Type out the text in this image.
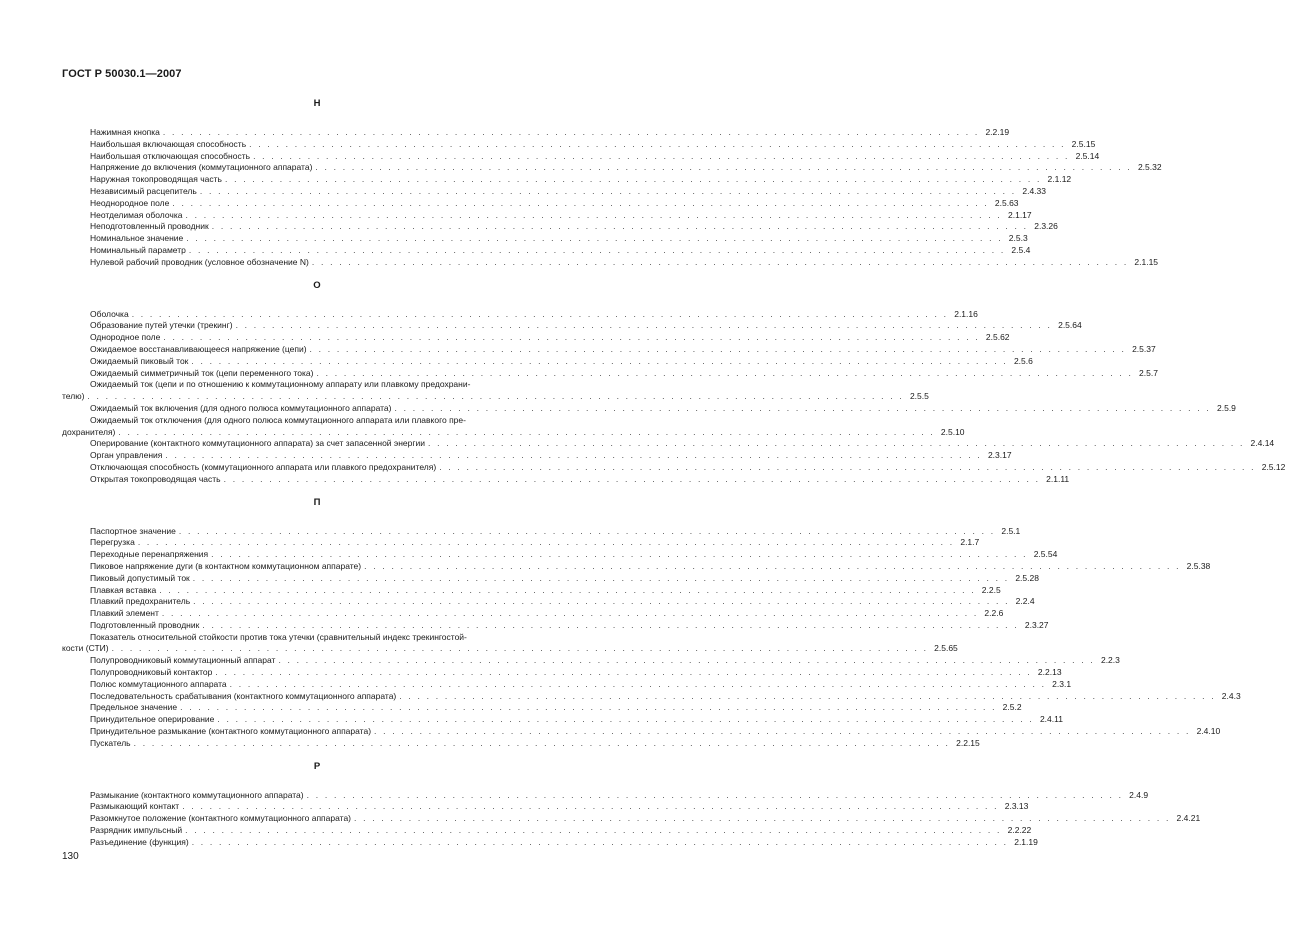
ГОСТ Р 50030.1—2007
Н
Нажимная кнопка . . . . . . . . . . . . . . . . . . . . . . . . . . . . . . . . . . . . . . . . . . . . . . . . . . . . . . . . . . . . . . . . . . . . . . . . . . . . . . . . . . . . . . . . . . 2.2.19
Наибольшая включающая способность . . . . . . . . . . . . . . . . . . . . . . . . . . . . . . . . . . . . . . . . . . . . . . . . . . . . . . . . . . . . . . . . . . . . . . . . . . . . . . . . . . . . . . . . . . 2.5.15
Наибольшая отключающая способность . . . . . . . . . . . . . . . . . . . . . . . . . . . . . . . . . . . . . . . . . . . . . . . . . . . . . . . . . . . . . . . . . . . . . . . . . . . . . . . . . . . . . . . . . . 2.5.14
Напряжение до включения (коммутационного аппарата) . . . . . . . . . . . . . . . . . . . . . . . . . . . . . . . . . . . . . . . . . . . . . . . . . . . . . . . . . . . . . . . . . . . . . . . . . . . . . . . . . . . . . . . . . . 2.5.32
Наружная токопроводящая часть . . . . . . . . . . . . . . . . . . . . . . . . . . . . . . . . . . . . . . . . . . . . . . . . . . . . . . . . . . . . . . . . . . . . . . . . . . . . . . . . . . . . . . . . . . 2.1.12
Независимый расцепитель . . . . . . . . . . . . . . . . . . . . . . . . . . . . . . . . . . . . . . . . . . . . . . . . . . . . . . . . . . . . . . . . . . . . . . . . . . . . . . . . . . . . . . . . . . 2.4.33
Неоднородное поле . . . . . . . . . . . . . . . . . . . . . . . . . . . . . . . . . . . . . . . . . . . . . . . . . . . . . . . . . . . . . . . . . . . . . . . . . . . . . . . . . . . . . . . . . . 2.5.63
Неотделимая оболочка . . . . . . . . . . . . . . . . . . . . . . . . . . . . . . . . . . . . . . . . . . . . . . . . . . . . . . . . . . . . . . . . . . . . . . . . . . . . . . . . . . . . . . . . . . 2.1.17
Неподготовленный проводник . . . . . . . . . . . . . . . . . . . . . . . . . . . . . . . . . . . . . . . . . . . . . . . . . . . . . . . . . . . . . . . . . . . . . . . . . . . . . . . . . . . . . . . . . . 2.3.26
Номинальное значение . . . . . . . . . . . . . . . . . . . . . . . . . . . . . . . . . . . . . . . . . . . . . . . . . . . . . . . . . . . . . . . . . . . . . . . . . . . . . . . . . . . . . . . . . . 2.5.3
Номинальный параметр . . . . . . . . . . . . . . . . . . . . . . . . . . . . . . . . . . . . . . . . . . . . . . . . . . . . . . . . . . . . . . . . . . . . . . . . . . . . . . . . . . . . . . . . . . 2.5.4
Нулевой рабочий проводник (условное обозначение N) . . . . . . . . . . . . . . . . . . . . . . . . . . . . . . . . . . . . . . . . . . . . . . . . . . . . . . . . . . . . . . . . . . . . . . . . . . . . . . . . . . . . . . . . . . 2.1.15
О
Оболочка . . . . . . . . . . . . . . . . . . . . . . . . . . . . . . . . . . . . . . . . . . . . . . . . . . . . . . . . . . . . . . . . . . . . . . . . . . . . . . . . . . . . . . . . . . 2.1.16
Образование путей утечки (трекинг) . . . . . . . . . . . . . . . . . . . . . . . . . . . . . . . . . . . . . . . . . . . . . . . . . . . . . . . . . . . . . . . . . . . . . . . . . . . . . . . . . . . . . . . . . . 2.5.64
Однородное поле . . . . . . . . . . . . . . . . . . . . . . . . . . . . . . . . . . . . . . . . . . . . . . . . . . . . . . . . . . . . . . . . . . . . . . . . . . . . . . . . . . . . . . . . . . 2.5.62
Ожидаемое восстанавливающееся напряжение (цепи) . . . . . . . . . . . . . . . . . . . . . . . . . . . . . . . . . . . . . . . . . . . . . . . . . . . . . . . . . . . . . . . . . . . . . . . . . . . . . . . . . . . . . . . . . . 2.5.37
Ожидаемый пиковый ток . . . . . . . . . . . . . . . . . . . . . . . . . . . . . . . . . . . . . . . . . . . . . . . . . . . . . . . . . . . . . . . . . . . . . . . . . . . . . . . . . . . . . . . . . . 2.5.6
Ожидаемый симметричный ток (цепи переменного тока) . . . . . . . . . . . . . . . . . . . . . . . . . . . . . . . . . . . . . . . . . . . . . . . . . . . . . . . . . . . . . . . . . . . . . . . . . . . . . . . . . . . . . . . . . . 2.5.7
Ожидаемый ток (цепи и по отношению к коммутационному аппарату или плавкому предохрани-
телю) . . . . . . . . . . . . . . . . . . . . . . . . . . . . . . . . . . . . . . . . . . . . . . . . . . . . . . . . . . . . . . . . . . . . . . . . . . . . . . . . . . . . . . . . . . 2.5.5
Ожидаемый ток включения (для одного полюса коммутационного аппарата) . . . . . . . . . . . . . . . . . . . . . . . . . . . . . . . . . . . . . . . . . . . . . . . . . . . . . . . . . . . . . . . . . . . . . . . . . . . . . . . . . . . . . . . . . . 2.5.9
Ожидаемый ток отключения (для одного полюса коммутационного аппарата или плавкого пре-
дохранителя) . . . . . . . . . . . . . . . . . . . . . . . . . . . . . . . . . . . . . . . . . . . . . . . . . . . . . . . . . . . . . . . . . . . . . . . . . . . . . . . . . . . . . . . . . . 2.5.10
Оперирование (контактного коммутационного аппарата) за счет запасенной энергии . . . . . . . . . . . . . . . . . . . . . . . . . . . . . . . . . . . . . . . . . . . . . . . . . . . . . . . . . . . . . . . . . . . . . . . . . . . . . . . . . . . . . . . . . . 2.4.14
Орган управления . . . . . . . . . . . . . . . . . . . . . . . . . . . . . . . . . . . . . . . . . . . . . . . . . . . . . . . . . . . . . . . . . . . . . . . . . . . . . . . . . . . . . . . . . . 2.3.17
Отключающая способность (коммутационного аппарата или плавкого предохранителя) . . . . . . . . . . . . . . . . . . . . . . . . . . . . . . . . . . . . . . . . . . . . . . . . . . . . . . . . . . . . . . . . . . . . . . . . . . . . . . . . . . . . . . . . . . 2.5.12
Открытая токопроводящая часть . . . . . . . . . . . . . . . . . . . . . . . . . . . . . . . . . . . . . . . . . . . . . . . . . . . . . . . . . . . . . . . . . . . . . . . . . . . . . . . . . . . . . . . . . . 2.1.11
П
Паспортное значение . . . . . . . . . . . . . . . . . . . . . . . . . . . . . . . . . . . . . . . . . . . . . . . . . . . . . . . . . . . . . . . . . . . . . . . . . . . . . . . . . . . . . . . . . . 2.5.1
Перегрузка . . . . . . . . . . . . . . . . . . . . . . . . . . . . . . . . . . . . . . . . . . . . . . . . . . . . . . . . . . . . . . . . . . . . . . . . . . . . . . . . . . . . . . . . . . 2.1.7
Переходные перенапряжения . . . . . . . . . . . . . . . . . . . . . . . . . . . . . . . . . . . . . . . . . . . . . . . . . . . . . . . . . . . . . . . . . . . . . . . . . . . . . . . . . . . . . . . . . . 2.5.54
Пиковое напряжение дуги (в контактном коммутационном аппарате) . . . . . . . . . . . . . . . . . . . . . . . . . . . . . . . . . . . . . . . . . . . . . . . . . . . . . . . . . . . . . . . . . . . . . . . . . . . . . . . . . . . . . . . . . . 2.5.38
Пиковый допустимый ток . . . . . . . . . . . . . . . . . . . . . . . . . . . . . . . . . . . . . . . . . . . . . . . . . . . . . . . . . . . . . . . . . . . . . . . . . . . . . . . . . . . . . . . . . . 2.5.28
Плавкая вставка . . . . . . . . . . . . . . . . . . . . . . . . . . . . . . . . . . . . . . . . . . . . . . . . . . . . . . . . . . . . . . . . . . . . . . . . . . . . . . . . . . . . . . . . . . 2.2.5
Плавкий предохранитель . . . . . . . . . . . . . . . . . . . . . . . . . . . . . . . . . . . . . . . . . . . . . . . . . . . . . . . . . . . . . . . . . . . . . . . . . . . . . . . . . . . . . . . . . . 2.2.4
Плавкий элемент . . . . . . . . . . . . . . . . . . . . . . . . . . . . . . . . . . . . . . . . . . . . . . . . . . . . . . . . . . . . . . . . . . . . . . . . . . . . . . . . . . . . . . . . . . 2.2.6
Подготовленный проводник . . . . . . . . . . . . . . . . . . . . . . . . . . . . . . . . . . . . . . . . . . . . . . . . . . . . . . . . . . . . . . . . . . . . . . . . . . . . . . . . . . . . . . . . . . 2.3.27
Показатель относительной стойкости против тока утечки (сравнительный индекс трекингостой-
кости (СТИ) . . . . . . . . . . . . . . . . . . . . . . . . . . . . . . . . . . . . . . . . . . . . . . . . . . . . . . . . . . . . . . . . . . . . . . . . . . . . . . . . . . . . . . . . . . 2.5.65
Полупроводниковый коммутационный аппарат . . . . . . . . . . . . . . . . . . . . . . . . . . . . . . . . . . . . . . . . . . . . . . . . . . . . . . . . . . . . . . . . . . . . . . . . . . . . . . . . . . . . . . . . . . 2.2.3
Полупроводниковый контактор . . . . . . . . . . . . . . . . . . . . . . . . . . . . . . . . . . . . . . . . . . . . . . . . . . . . . . . . . . . . . . . . . . . . . . . . . . . . . . . . . . . . . . . . . . 2.2.13
Полюс коммутационного аппарата . . . . . . . . . . . . . . . . . . . . . . . . . . . . . . . . . . . . . . . . . . . . . . . . . . . . . . . . . . . . . . . . . . . . . . . . . . . . . . . . . . . . . . . . . . 2.3.1
Последовательность срабатывания (контактного коммутационного аппарата) . . . . . . . . . . . . . . . . . . . . . . . . . . . . . . . . . . . . . . . . . . . . . . . . . . . . . . . . . . . . . . . . . . . . . . . . . . . . . . . . . . . . . . . . . . 2.4.3
Предельное значение . . . . . . . . . . . . . . . . . . . . . . . . . . . . . . . . . . . . . . . . . . . . . . . . . . . . . . . . . . . . . . . . . . . . . . . . . . . . . . . . . . . . . . . . . . 2.5.2
Принудительное оперирование . . . . . . . . . . . . . . . . . . . . . . . . . . . . . . . . . . . . . . . . . . . . . . . . . . . . . . . . . . . . . . . . . . . . . . . . . . . . . . . . . . . . . . . . . . 2.4.11
Принудительное размыкание (контактного коммутационного аппарата) . . . . . . . . . . . . . . . . . . . . . . . . . . . . . . . . . . . . . . . . . . . . . . . . . . . . . . . . . . . . . . . . . . . . . . . . . . . . . . . . . . . . . . . . . . 2.4.10
Пускатель . . . . . . . . . . . . . . . . . . . . . . . . . . . . . . . . . . . . . . . . . . . . . . . . . . . . . . . . . . . . . . . . . . . . . . . . . . . . . . . . . . . . . . . . . . 2.2.15
Р
Размыкание (контактного коммутационного аппарата) . . . . . . . . . . . . . . . . . . . . . . . . . . . . . . . . . . . . . . . . . . . . . . . . . . . . . . . . . . . . . . . . . . . . . . . . . . . . . . . . . . . . . . . . . . 2.4.9
Размыкающий контакт . . . . . . . . . . . . . . . . . . . . . . . . . . . . . . . . . . . . . . . . . . . . . . . . . . . . . . . . . . . . . . . . . . . . . . . . . . . . . . . . . . . . . . . . . . 2.3.13
Разомкнутое положение (контактного коммутационного аппарата) . . . . . . . . . . . . . . . . . . . . . . . . . . . . . . . . . . . . . . . . . . . . . . . . . . . . . . . . . . . . . . . . . . . . . . . . . . . . . . . . . . . . . . . . . . 2.4.21
Разрядник импульсный . . . . . . . . . . . . . . . . . . . . . . . . . . . . . . . . . . . . . . . . . . . . . . . . . . . . . . . . . . . . . . . . . . . . . . . . . . . . . . . . . . . . . . . . . . 2.2.22
Разъединение (функция) . . . . . . . . . . . . . . . . . . . . . . . . . . . . . . . . . . . . . . . . . . . . . . . . . . . . . . . . . . . . . . . . . . . . . . . . . . . . . . . . . . . . . . . . . . 2.1.19
130
